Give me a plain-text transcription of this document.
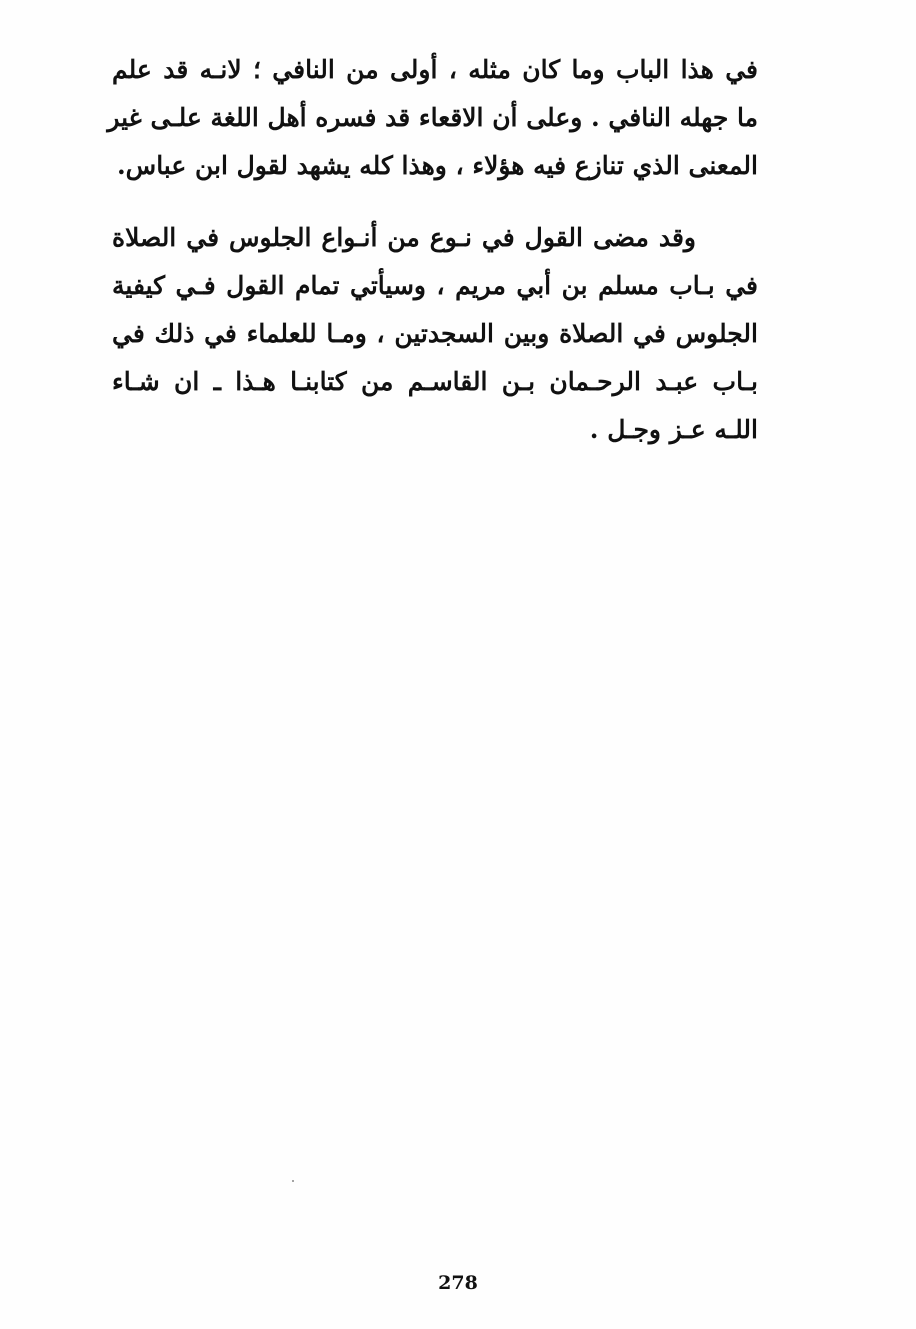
في هذا الباب وما كان مثله ، أولى من النافي ؛ لانـه قد علم
ما جهله النافي . وعلى أن الاقعاء قد فسره أهل اللغة علـى غير
المعنى الذي تنازع فيه هؤلاء ، وهذا كله يشهد لقول ابن عباس.
وقد مضى القول في نـوع من أنـواع الجلوس في الصلاة
في بـاب مسلم بن أبي مريم ، وسيأتي تمام القول فـي كيفية
الجلوس في الصلاة وبين السجدتين ، ومـا للعلماء في ذلك في
بـاب عبـد الرحـمان بـن القاسـم من كتابنـا هـذا ـ ان شـاء
اللـه عـز وجـل .
278
